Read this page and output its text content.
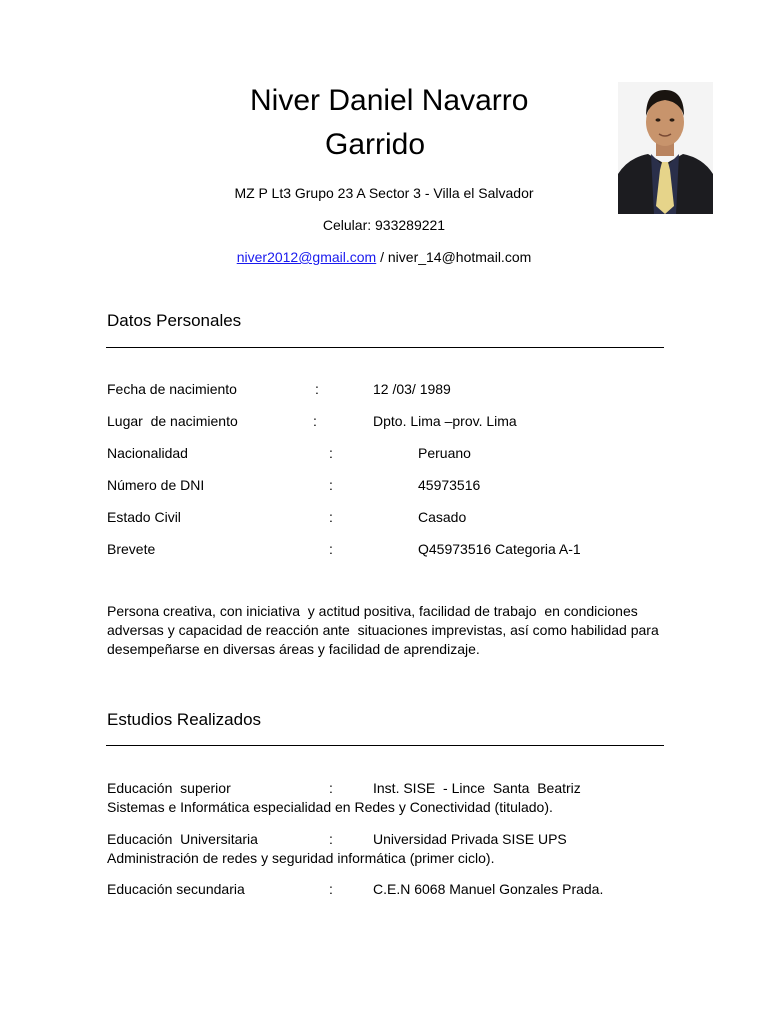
Niver Daniel Navarro
Garrido
MZ P Lt3 Grupo 23 A Sector 3 - Villa el Salvador
Celular: 933289221
niver2012@gmail.com / niver_14@hotmail.com
Datos Personales
Fecha de nacimiento	:	12 /03/ 1989
Lugar  de nacimiento	:	Dpto. Lima –prov. Lima
Nacionalidad	:	Peruano
Número de DNI	:	45973516
Estado Civil	:	Casado
Brevete	:	Q45973516 Categoria A-1
Persona creativa, con iniciativa  y actitud positiva, facilidad de trabajo  en condiciones
adversas y capacidad de reacción ante  situaciones imprevistas, así como habilidad para
desempeñarse en diversas áreas y facilidad de aprendizaje.
Estudios Realizados
Educación  superior	:	Inst. SISE  - Lince  Santa  Beatriz
Sistemas e Informática especialidad en Redes y Conectividad (titulado).
Educación  Universitaria	:	Universidad Privada SISE UPS
Administración de redes y seguridad informática (primer ciclo).
Educación secundaria	:	C.E.N 6068 Manuel Gonzales Prada.
